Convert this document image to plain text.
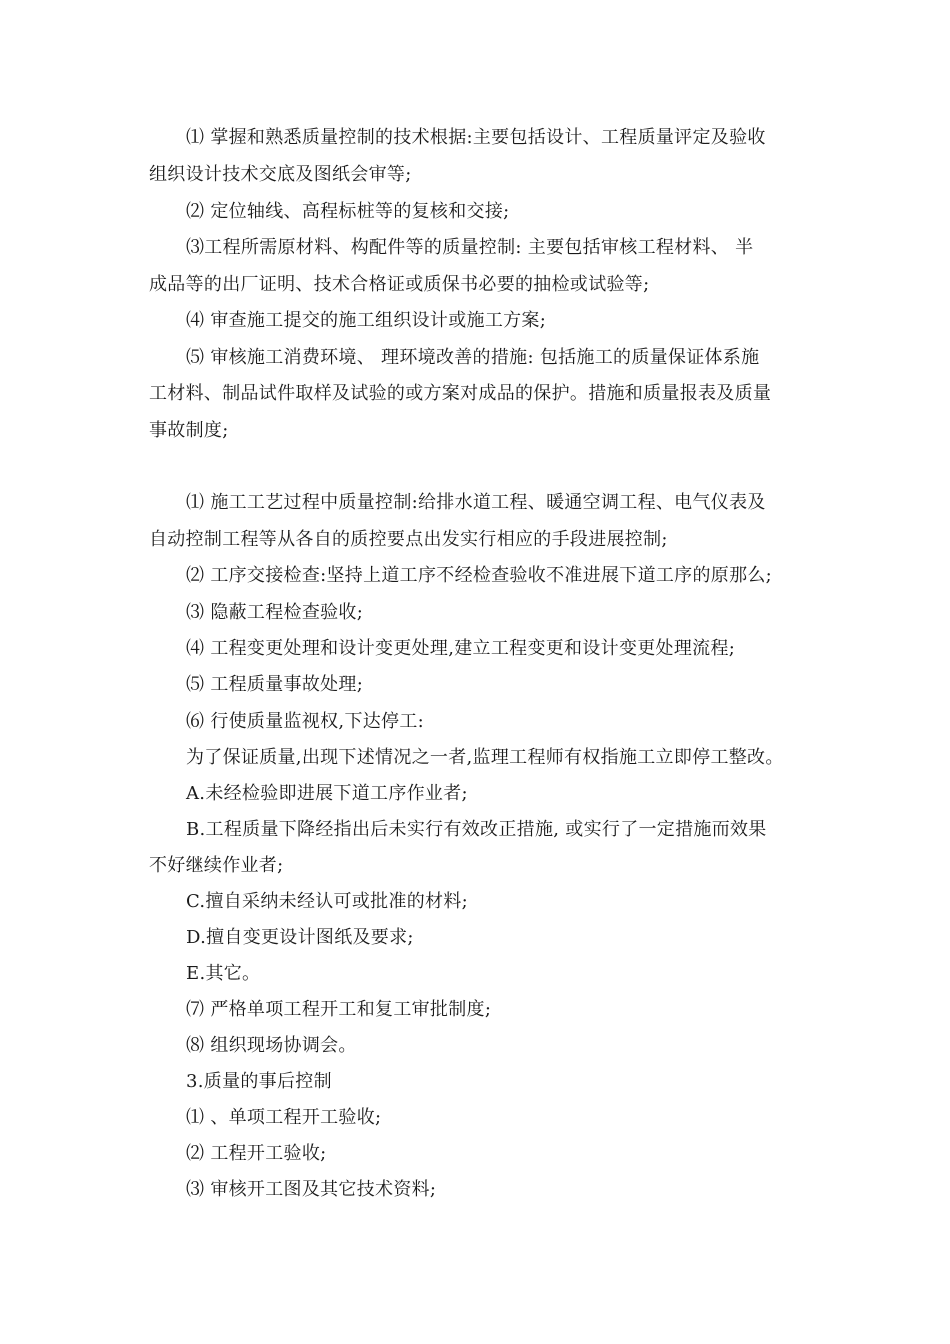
⑴ 掌握和熟悉质量控制的技术根据:主要包括设计、工程质量评定及验收
组织设计技术交底及图纸会审等;
⑵ 定位轴线、高程标桩等的复核和交接;
⑶工程所需原材料、构配件等的质量控制: 主要包括审核工程材料、 半
成品等的出厂证明、技术合格证或质保书必要的抽检或试验等;
⑷ 审查施工提交的施工组织设计或施工方案;
⑸ 审核施工消费环境、 理环境改善的措施: 包括施工的质量保证体系施
工材料、制品试件取样及试验的或方案对成品的保护。措施和质量报表及质量
事故制度;
⑴ 施工工艺过程中质量控制:给排水道工程、暖通空调工程、电气仪表及
自动控制工程等从各自的质控要点出发实行相应的手段进展控制;
⑵ 工序交接检查:坚持上道工序不经检查验收不准进展下道工序的原那么;
⑶ 隐蔽工程检查验收;
⑷ 工程变更处理和设计变更处理,建立工程变更和设计变更处理流程;
⑸ 工程质量事故处理;
⑹ 行使质量监视权,下达停工:
为了保证质量,出现下述情况之一者,监理工程师有权指施工立即停工整改。
A.未经检验即进展下道工序作业者;
B.工程质量下降经指出后未实行有效改正措施, 或实行了一定措施而效果
不好继续作业者;
C.擅自采纳未经认可或批准的材料;
D.擅自变更设计图纸及要求;
E.其它。
⑺ 严格单项工程开工和复工审批制度;
⑻ 组织现场协调会。
3.质量的事后控制
⑴ 、单项工程开工验收;
⑵ 工程开工验收;
⑶ 审核开工图及其它技术资料;
